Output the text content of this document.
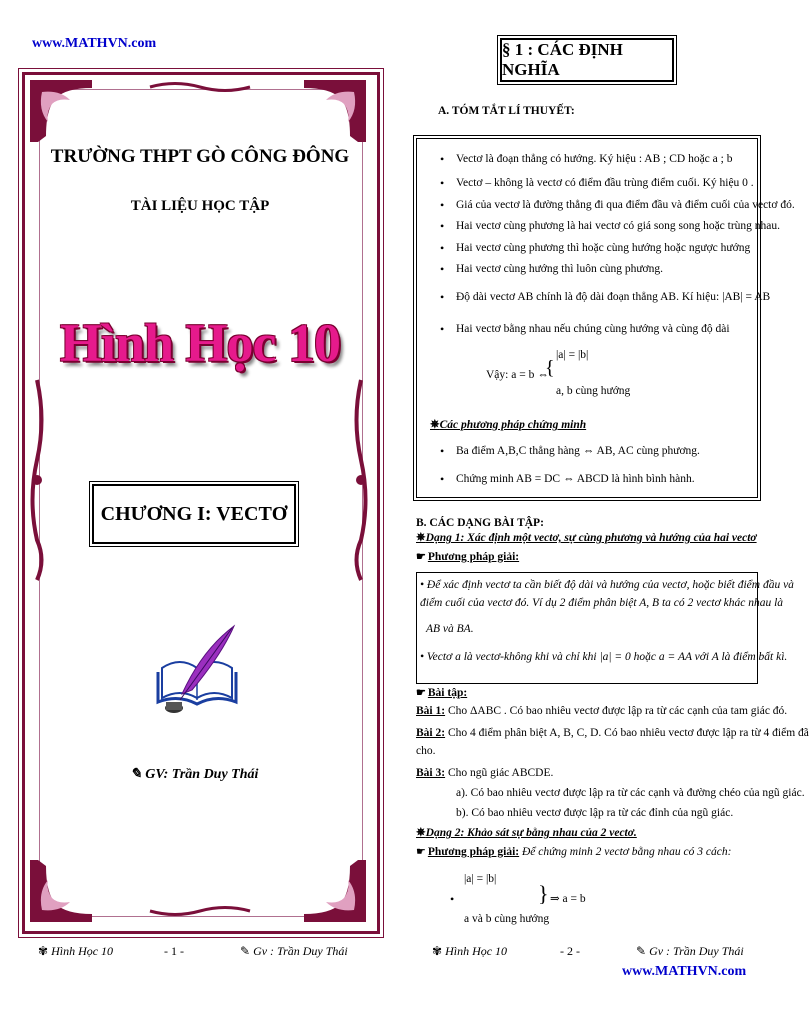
www.MATHVN.com
TRƯỜNG THPT GÒ CÔNG ĐÔNG
TÀI LIỆU HỌC TẬP
Hình Học 10
CHƯƠNG I: VECTƠ
✎ GV: Trần Duy Thái
✾ Hình Học 10	- 1 -	✎ Gv : Trần Duy Thái
§ 1 : CÁC ĐỊNH NGHĨA
A. TÓM TẮT LÍ THUYẾT:
• Vectơ là đoạn thẳng có hướng. Ký hiệu : AB ; CD hoặc a ; b
• Vectơ – không là vectơ có điểm đầu trùng điểm cuối. Ký hiệu 0 .
• Giá của vectơ là đường thẳng đi qua điểm đầu và điểm cuối của vectơ đó.
• Hai vectơ cùng phương là hai vectơ có giá song song hoặc trùng nhau.
• Hai vectơ cùng phương thì hoặc cùng hướng hoặc ngược hướng
• Hai vectơ cùng hướng thì luôn cùng phương.
• Độ dài vectơ AB chính là độ dài đoạn thẳng AB. Kí hiệu: |AB| = AB
• Hai vectơ bằng nhau nếu chúng cùng hướng và cùng độ dài
Vậy: a = b ⇔
{
|a| = |b|
a, b cùng hướng
✵Các phương pháp chứng minh
• Ba điểm A,B,C thẳng hàng ⇔ AB, AC cùng phương.
• Chứng minh AB = DC ⇔ ABCD là hình bình hành.
B. CÁC DẠNG BÀI TẬP:
✵Dạng 1: Xác định một vectơ, sự cùng phương và hướng của hai vectơ
☛ Phương pháp giải:
• Để xác định vectơ ta cần biết độ dài và hướng của vectơ, hoặc biết điểm đầu và
điểm cuối của vectơ đó. Ví dụ 2 điểm phân biệt A, B ta có 2 vectơ khác nhau là
AB và BA.
• Vectơ a là vectơ-không khi và chỉ khi |a| = 0 hoặc a = AA với A là điểm bất kì.
☛ Bài tập:
Bài 1: Cho ΔABC . Có bao nhiêu vectơ được lập ra từ các cạnh của tam giác đó.
Bài 2: Cho 4 điểm phân biệt A, B, C, D. Có bao nhiêu vectơ được lập ra từ 4 điểm đã
cho.
Bài 3: Cho ngũ giác ABCDE.
a). Có bao nhiêu vectơ được lập ra từ các cạnh và đường chéo của ngũ giác.
b). Có bao nhiêu vectơ được lập ra từ các đỉnh của ngũ giác.
✵Dạng 2: Khảo sát sự bằng nhau của 2 vectơ.
☛ Phương pháp giải: Để chứng minh 2 vectơ bằng nhau có 3 cách:
•
|a| = |b|
a và b cùng hướng
} ⇒ a = b
✾ Hình Học 10	- 2 -	✎ Gv : Trần Duy Thái
www.MATHVN.com
